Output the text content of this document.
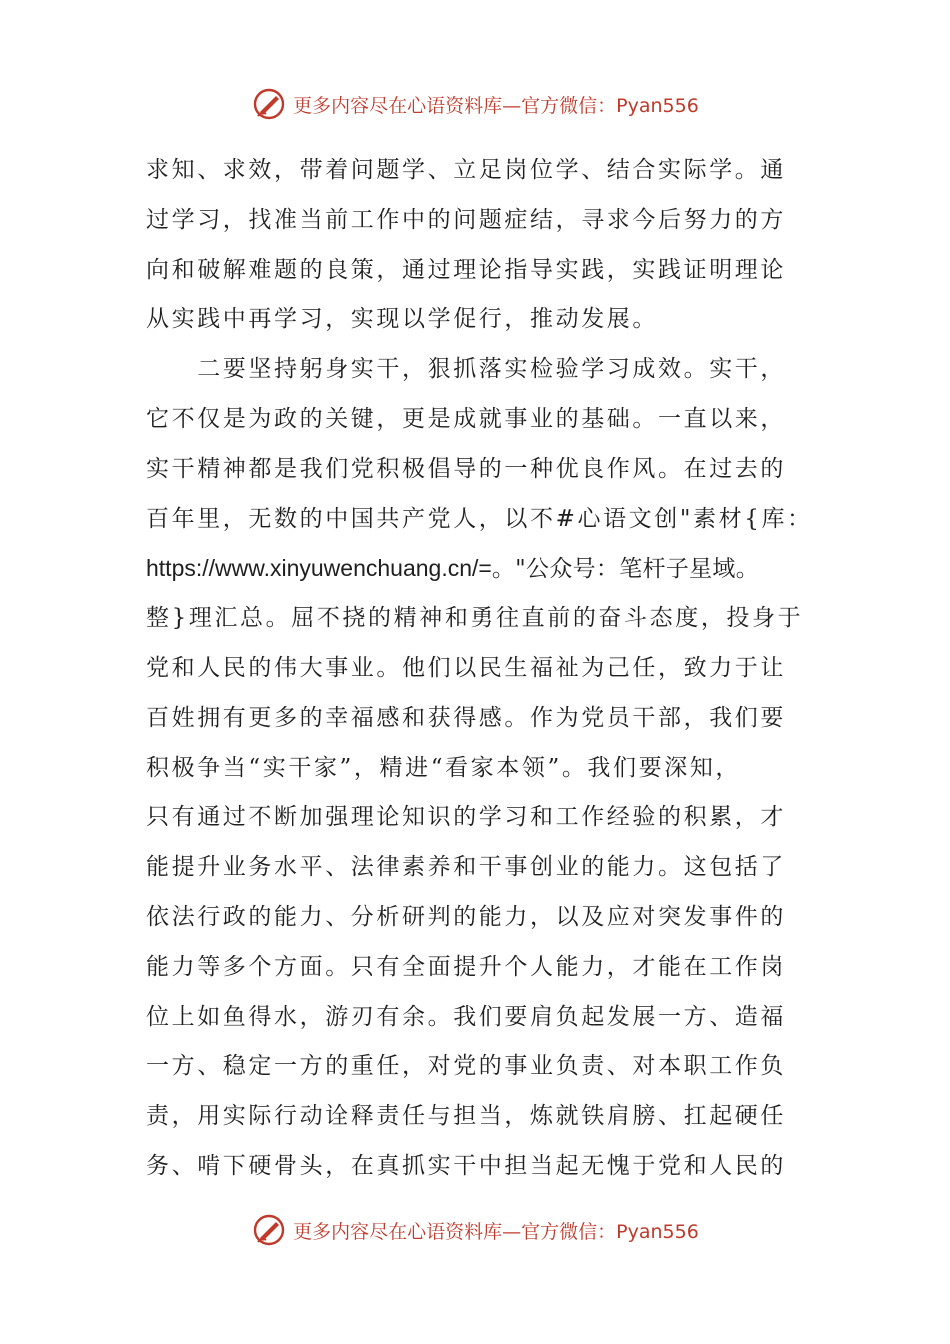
更多内容尽在心语资料库—官方微信：Pyan556
求知、求效，带着问题学、立足岗位学、结合实际学。通
过学习，找准当前工作中的问题症结，寻求今后努力的方
向和破解难题的良策，通过理论指导实践，实践证明理论
从实践中再学习，实现以学促行，推动发展。
　　二要坚持躬身实干，狠抓落实检验学习成效。实干，
它不仅是为政的关键，更是成就事业的基础。一直以来，
实干精神都是我们党积极倡导的一种优良作风。在过去的
百年里，无数的中国共产党人，以不#心语文创"素材{库：
https://www.xinyuwenchuang.cn/=。"公众号：笔杆子星域。
整}理汇总。屈不挠的精神和勇往直前的奋斗态度，投身于
党和人民的伟大事业。他们以民生福祉为己任，致力于让
百姓拥有更多的幸福感和获得感。作为党员干部，我们要
积极争当“实干家”，精进“看家本领”。我们要深知，
只有通过不断加强理论知识的学习和工作经验的积累，才
能提升业务水平、法律素养和干事创业的能力。这包括了
依法行政的能力、分析研判的能力，以及应对突发事件的
能力等多个方面。只有全面提升个人能力，才能在工作岗
位上如鱼得水，游刃有余。我们要肩负起发展一方、造福
一方、稳定一方的重任，对党的事业负责、对本职工作负
责，用实际行动诠释责任与担当，炼就铁肩膀、扛起硬任
务、啃下硬骨头，在真抓实干中担当起无愧于党和人民的
更多内容尽在心语资料库—官方微信：Pyan556
